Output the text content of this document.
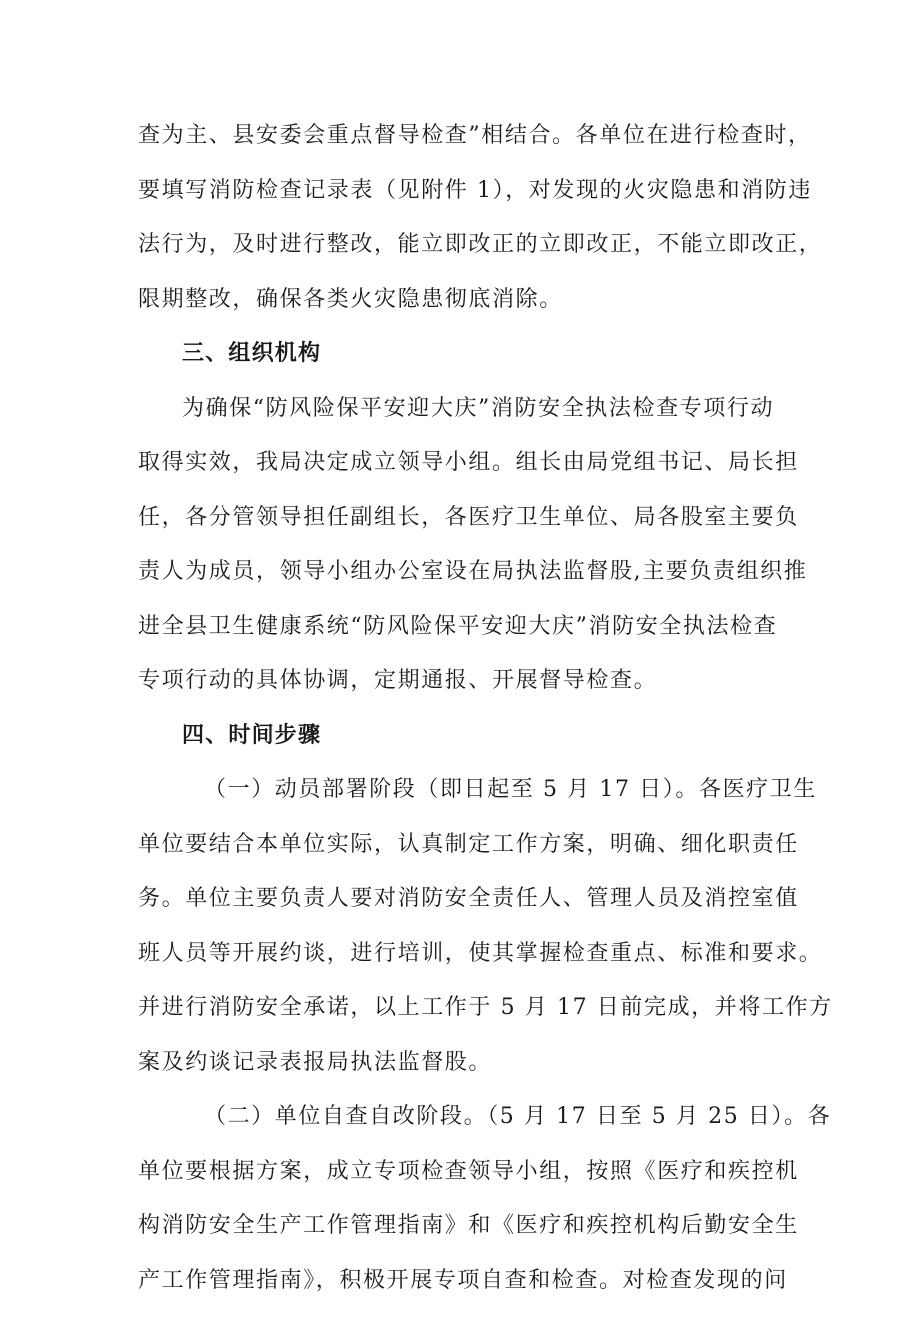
查为主、县安委会重点督导检查”相结合。各单位在进行检查时，
要填写消防检查记录表（见附件 1），对发现的火灾隐患和消防违
法行为，及时进行整改，能立即改正的立即改正，不能立即改正，
限期整改，确保各类火灾隐患彻底消除。
三、组织机构
为确保“防风险保平安迎大庆”消防安全执法检查专项行动
取得实效，我局决定成立领导小组。组长由局党组书记、局长担
任，各分管领导担任副组长，各医疗卫生单位、局各股室主要负
责人为成员，领导小组办公室设在局执法监督股,主要负责组织推
进全县卫生健康系统“防风险保平安迎大庆”消防安全执法检查
专项行动的具体协调，定期通报、开展督导检查。
四、时间步骤
（一）动员部署阶段（即日起至 5 月 17 日）。各医疗卫生
单位要结合本单位实际，认真制定工作方案，明确、细化职责任
务。单位主要负责人要对消防安全责任人、管理人员及消控室值
班人员等开展约谈，进行培训，使其掌握检查重点、标准和要求。
并进行消防安全承诺，以上工作于 5 月 17 日前完成，并将工作方
案及约谈记录表报局执法监督股。
（二）单位自查自改阶段。（5 月 17 日至 5 月 25 日）。各
单位要根据方案，成立专项检查领导小组，按照《医疗和疾控机
构消防安全生产工作管理指南》和《医疗和疾控机构后勤安全生
产工作管理指南》，积极开展专项自查和检查。对检查发现的问
